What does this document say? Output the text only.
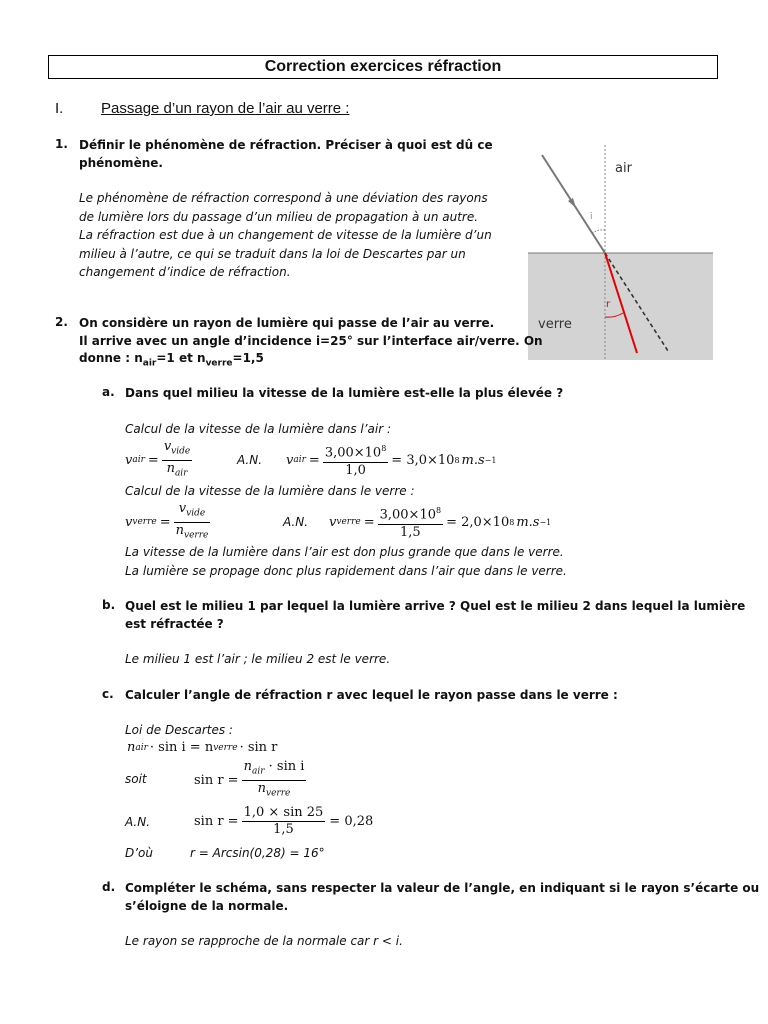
Correction exercices réfraction
I.	Passage d’un rayon de l’air au verre :
1. Définir le phénomène de réfraction. Préciser à quoi est dû ce
phénomène.
Le phénomène de réfraction correspond à une déviation des rayons
de lumière lors du passage d’un milieu de propagation à un autre.
La réfraction est due à un changement de vitesse de la lumière d’un
milieu à l’autre, ce qui se traduit dans la loi de Descartes par un
changement d’indice de réfraction.
air
verre
i
r
2. On considère un rayon de lumière qui passe de l’air au verre.
Il arrive avec un angle d’incidence i=25° sur l’interface air/verre. On
donne : $n_{air}=1$ et $n_{verre}=1,5$
a. Dans quel milieu la vitesse de la lumière est-elle la plus élevée ?
Calcul de la vitesse de la lumière dans l’air :
v air = $\frac{v_{vide}}{n_{air}}$	A.N. v air = $\frac{3,00\times 10^8}{1,0} = 3,0\times 10$ 8 m.s −1
Calcul de la vitesse de la lumière dans le verre :
v verre = $\frac{v_{vide}}{n_{verre}}$	A.N. v verre = $\frac{3,00\times 10^8}{1,5} = 2,0\times 10$ 8 m.s −1
La vitesse de la lumière dans l’air est don plus grande que dans le verre.
La lumière se propage donc plus rapidement dans l’air que dans le verre.
b. Quel est le milieu 1 par lequel la lumière arrive ? Quel est le milieu 2 dans lequel la lumière
est réfractée ?
Le milieu 1 est l’air ; le milieu 2 est le verre.
c. Calculer l’angle de réfraction r avec lequel le rayon passe dans le verre :
Loi de Descartes :
n air · sin i = n verre · sin r
soit	$\sin r = \frac{n_{air} \cdot \sin i}{n_{verre}}$
A.N.	$\sin r = \frac{1,0 \times \sin 25}{1,5} = 0,28$
D’où	r = Arcsin(0,28) = 16°
d. Compléter le schéma, sans respecter la valeur de l’angle, en indiquant si le rayon s’écarte ou
s’éloigne de la normale.
Le rayon se rapproche de la normale car r < i.
